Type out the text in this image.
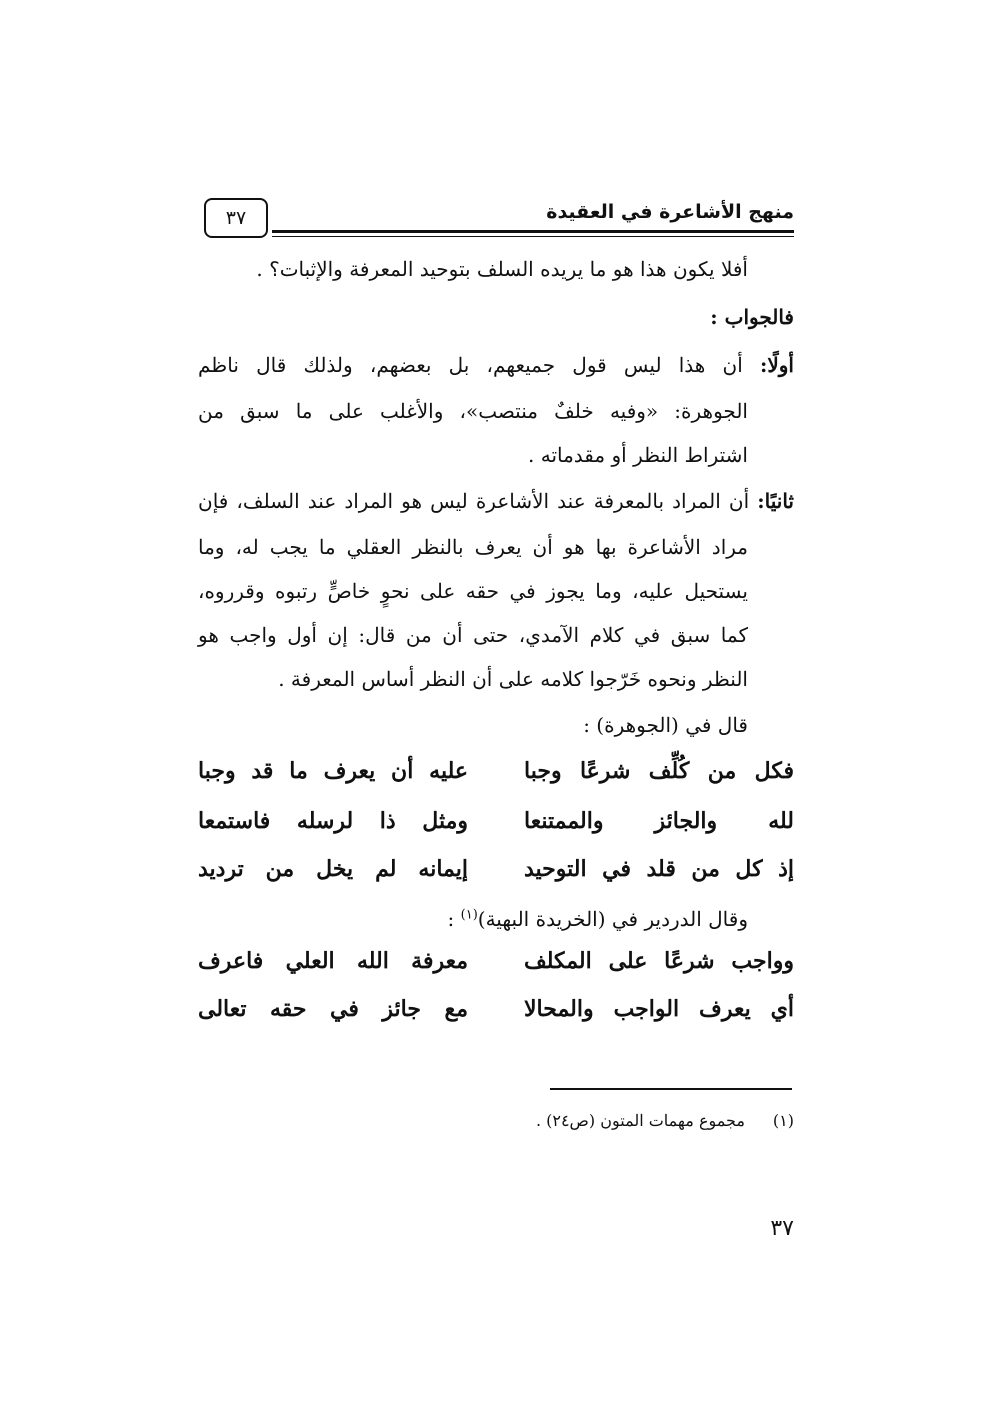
منهج الأشاعرة في العقيدة
٣٧
أفلا يكون هذا هو ما يريده السلف بتوحيد المعرفة والإثبات؟ .
فالجواب :
أولًا: أن هذا ليس قول جميعهم، بل بعضهم، ولذلك قال ناظم
الجوهرة: «وفيه خلفٌ منتصب»، والأغلب على ما سبق من
اشتراط النظر أو مقدماته .
ثانيًا: أن المراد بالمعرفة عند الأشاعرة ليس هو المراد عند السلف، فإن
مراد الأشاعرة بها هو أن يعرف بالنظر العقلي ما يجب له، وما
يستحيل عليه، وما يجوز في حقه على نحوٍ خاصٍّ رتبوه وقرروه،
كما سبق في كلام الآمدي، حتى أن من قال: إن أول واجب هو
النظر ونحوه خَرّجوا كلامه على أن النظر أساس المعرفة .
قال في (الجوهرة) :
فكل من كُلِّف شرعًا وجبا
عليه أن يعرف ما قد وجبا
لله والجائز والممتنعا
ومثل ذا لرسله فاستمعا
إذ كل من قلد في التوحيد
إيمانه لم يخل من ترديد
وقال الدردير في (الخريدة البهية)$^{(١)}$ :
وواجب شرعًا على المكلف
معرفة الله العلي فاعرف
أي يعرف الواجب والمحالا
مع جائز في حقه تعالى
(١)مجموع مهمات المتون (ص٢٤) .
٣٧
